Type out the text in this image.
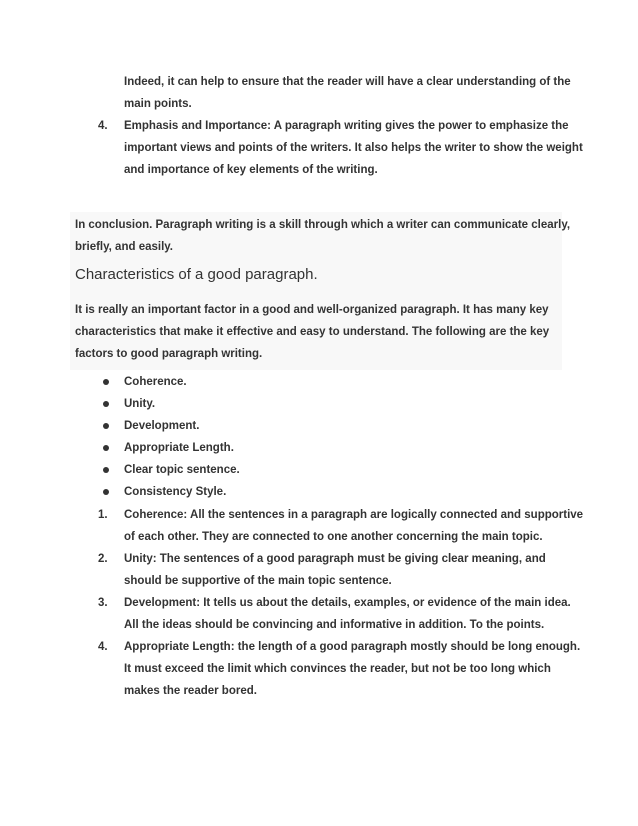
Indeed, it can help to ensure that the reader will have a clear understanding of the
main points.
4.	Emphasis and Importance: A paragraph writing gives the power to emphasize the
important views and points of the writers. It also helps the writer to show the weight
and importance of key elements of the writing.
In conclusion. Paragraph writing is a skill through which a writer can communicate clearly,
briefly, and easily.
Characteristics of a good paragraph.
It is really an important factor in a good and well-organized paragraph. It has many key
characteristics that make it effective and easy to understand. The following are the key
factors to good paragraph writing.
Coherence.
Unity.
Development.
Appropriate Length.
Clear topic sentence.
Consistency Style.
1.	Coherence: All the sentences in a paragraph are logically connected and supportive
of each other. They are connected to one another concerning the main topic.
2.	Unity: The sentences of a good paragraph must be giving clear meaning, and
should be supportive of the main topic sentence.
3.	Development: It tells us about the details, examples, or evidence of the main idea.
All the ideas should be convincing and informative in addition. To the points.
4.	Appropriate Length: the length of a good paragraph mostly should be long enough.
It must exceed the limit which convinces the reader, but not be too long which
makes the reader bored.
